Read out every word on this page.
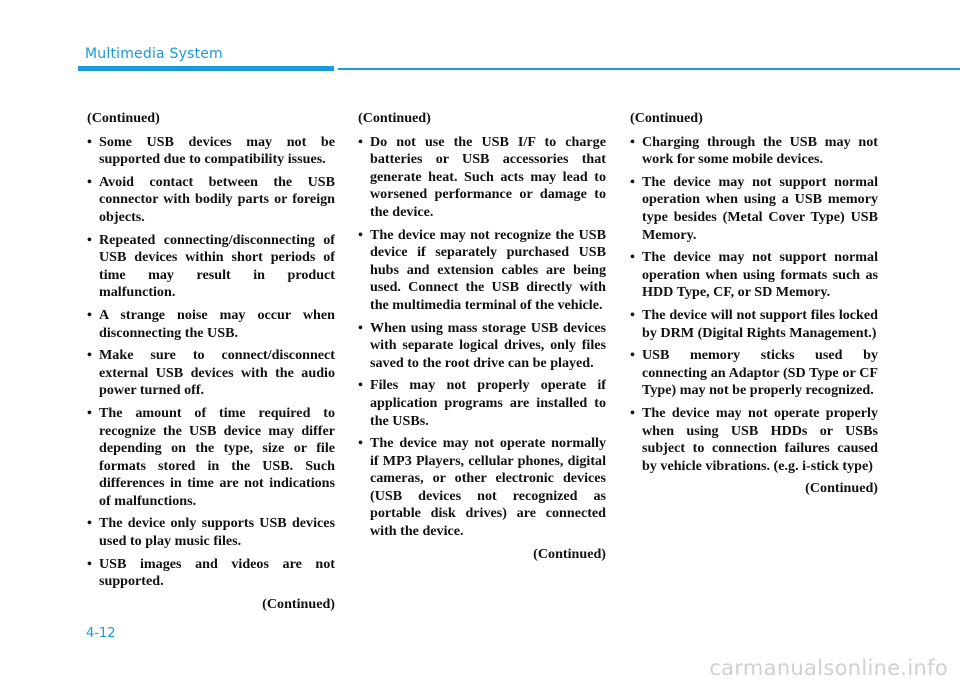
Multimedia System
(Continued)
• Some USB devices may not be supported due to compatibility issues.
• Avoid contact between the USB connector with bodily parts or foreign objects.
• Repeated connecting/disconnecting of USB devices within short periods of time may result in product malfunction.
• A strange noise may occur when disconnecting the USB.
• Make sure to connect/disconnect external USB devices with the audio power turned off.
• The amount of time required to recognize the USB device may differ depending on the type, size or file formats stored in the USB. Such differences in time are not indications of malfunctions.
• The device only supports USB devices used to play music files.
• USB images and videos are not supported.
(Continued)
(Continued)
• Do not use the USB I/F to charge batteries or USB accessories that generate heat. Such acts may lead to worsened performance or damage to the device.
• The device may not recognize the USB device if separately purchased USB hubs and extension cables are being used. Connect the USB directly with the multimedia terminal of the vehicle.
• When using mass storage USB devices with separate logical drives, only files saved to the root drive can be played.
• Files may not properly operate if application programs are installed to the USBs.
• The device may not operate normally if MP3 Players, cellular phones, digital cameras, or other electronic devices (USB devices not recognized as portable disk drives) are connected with the device.
(Continued)
(Continued)
• Charging through the USB may not work for some mobile devices.
• The device may not support normal operation when using a USB memory type besides (Metal Cover Type) USB Memory.
• The device may not support normal operation when using formats such as HDD Type, CF, or SD Memory.
• The device will not support files locked by DRM (Digital Rights Management.)
• USB memory sticks used by connecting an Adaptor (SD Type or CF Type) may not be properly recognized.
• The device may not operate properly when using USB HDDs or USBs subject to connection failures caused by vehicle vibrations. (e.g. i-stick type)
(Continued)
4-12
carmanualsonline.info
